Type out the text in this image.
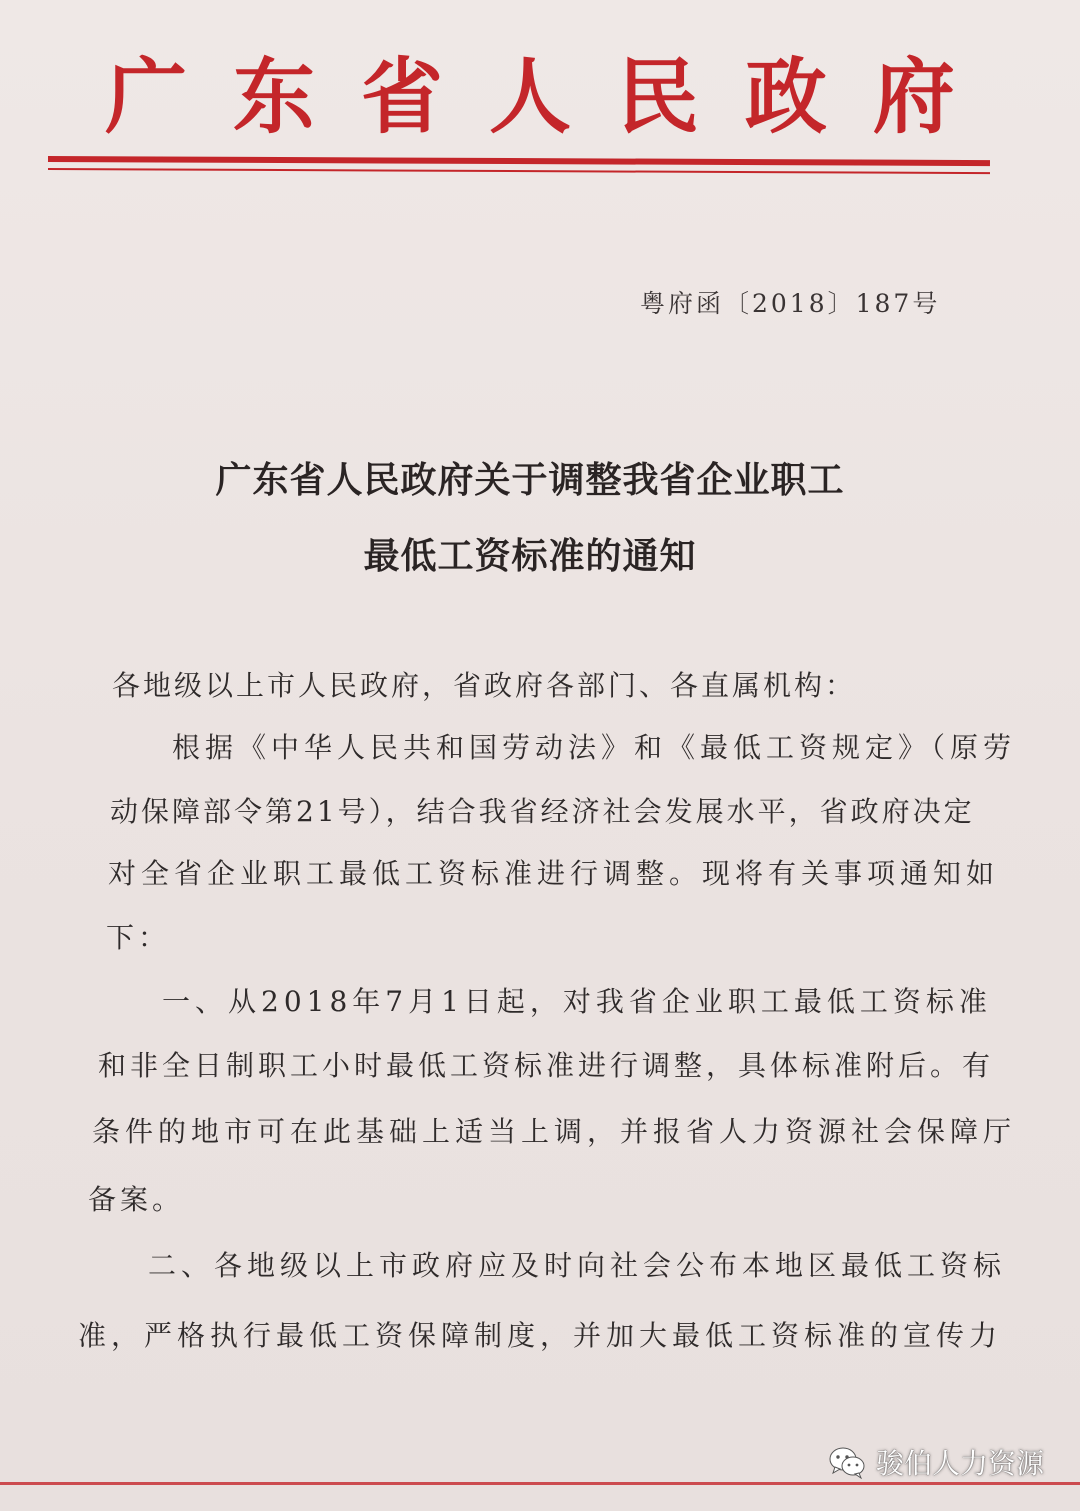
广 东 省 人 民 政 府
粤府函〔2018〕187号
广东省人民政府关于调整我省企业职工
最低工资标准的通知
各地级以上市人民政府，省政府各部门、各直属机构：
根据《中华人民共和国劳动法》和《最低工资规定》（原劳
动保障部令第21号），结合我省经济社会发展水平，省政府决定
对全省企业职工最低工资标准进行调整。现将有关事项通知如
下：
一、从2018年7月1日起，对我省企业职工最低工资标准
和非全日制职工小时最低工资标准进行调整，具体标准附后。有
条件的地市可在此基础上适当上调，并报省人力资源社会保障厅
备案。
二、各地级以上市政府应及时向社会公布本地区最低工资标
准，严格执行最低工资保障制度，并加大最低工资标准的宣传力
骏伯人力资源
